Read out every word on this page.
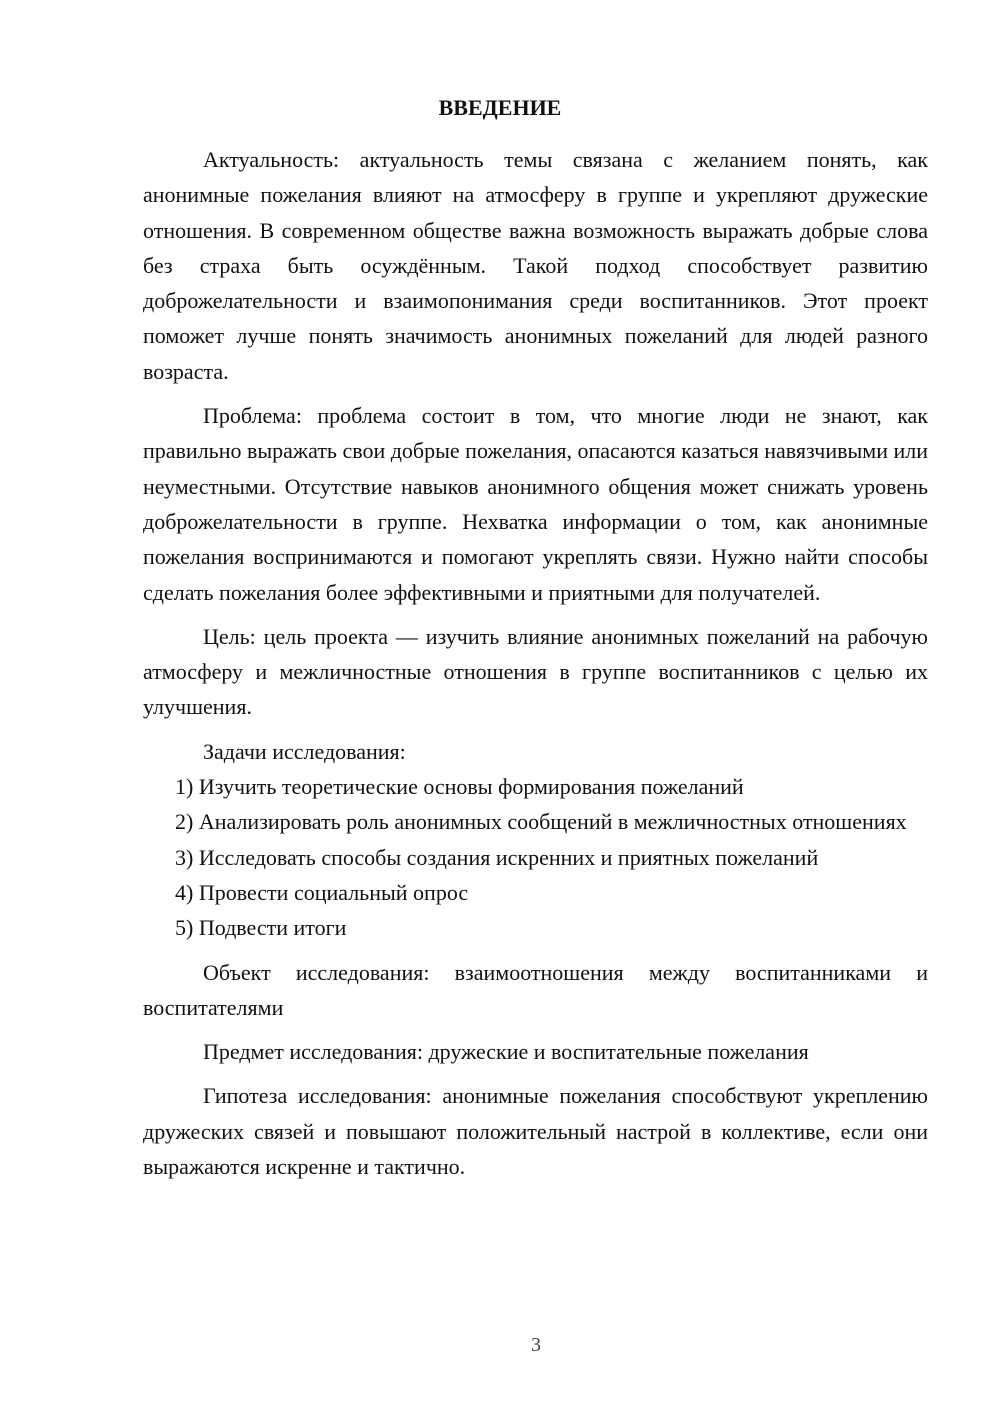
ВВЕДЕНИЕ

Актуальность: актуальность темы связана с желанием понять, как анонимные пожелания влияют на атмосферу в группе и укрепляют дружеские отношения. В современном обществе важна возможность выражать добрые слова без страха быть осуждённым. Такой подход способствует развитию доброжелательности и взаимопонимания среди воспитанников. Этот проект поможет лучше понять значимость анонимных пожеланий для людей разного возраста.

Проблема: проблема состоит в том, что многие люди не знают, как правильно выражать свои добрые пожелания, опасаются казаться навязчивыми или неуместными. Отсутствие навыков анонимного общения может снижать уровень доброжелательности в группе. Нехватка информации о том, как анонимные пожелания воспринимаются и помогают укреплять связи. Нужно найти способы сделать пожелания более эффективными и приятными для получателей.

Цель: цель проекта — изучить влияние анонимных пожеланий на рабочую атмосферу и межличностные отношения в группе воспитанников с целью их улучшения.

Задачи исследования:

1) Изучить теоретические основы формирования пожеланий

2) Анализировать роль анонимных сообщений в межличностных отношениях

3) Исследовать способы создания искренних и приятных пожеланий

4) Провести социальный опрос

5) Подвести итоги

Объект исследования: взаимоотношения между воспитанниками и воспитателями

Предмет исследования: дружеские и воспитательные пожелания

Гипотеза исследования: анонимные пожелания способствуют укреплению дружеских связей и повышают положительный настрой в коллективе, если они выражаются искренне и тактично.

3
